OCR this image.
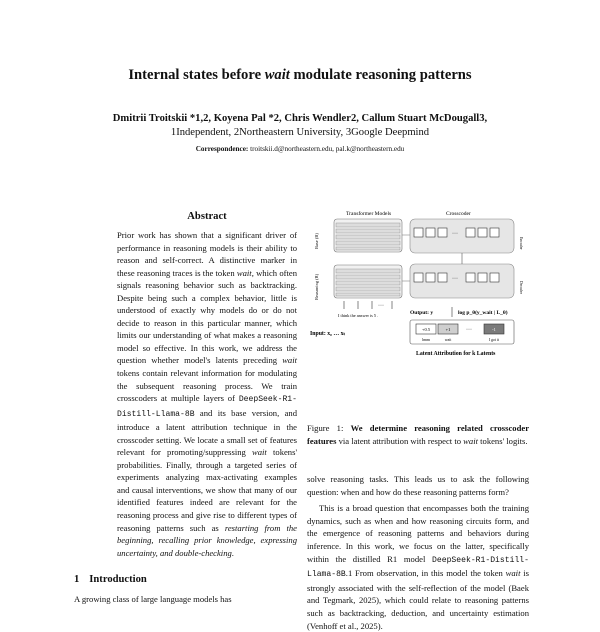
Internal states before wait modulate reasoning patterns
Dmitrii Troitskii *1,2, Koyena Pal *2, Chris Wendler2, Callum Stuart McDougall3,
1Independent, 2Northeastern University, 3Google Deepmind
Correspondence: troitskii.d@northeastern.edu, pal.k@northeastern.edu
Abstract
Prior work has shown that a significant driver of performance in reasoning models is their ability to reason and self-correct. A distinctive marker in these reasoning traces is the token wait, which often signals reasoning behavior such as backtracking. Despite being such a complex behavior, little is understood of exactly why models do or do not decide to reason in this particular manner, which limits our understanding of what makes a reasoning model so effective. In this work, we address the question whether model's latents preceding wait tokens contain relevant information for modulating the subsequent reasoning process. We train crosscoders at multiple layers of DeepSeek-R1-Distill-Llama-8B and its base version, and introduce a latent attribution technique in the crosscoder setting. We locate a small set of features relevant for promoting/suppressing wait tokens' probabilities. Finally, through a targeted series of experiments analyzing max-activating examples and causal interventions, we show that many of our identified features indeed are relevant for the reasoning process and give rise to different types of reasoning patterns such as restarting from the beginning, recalling prior knowledge, expressing uncertainty, and double-checking.
1 Introduction
A growing class of large language models has
Transformer Models	Crosscoder
Base (B)
Reasoning (R)
···
···
Encoder
Decoder
Output: y	log p_θ(y_wait | L_θ)
+0.5	+1	···	-1
hmm	wait	I got it
Latent Attribution for k Latents
···
I think the answer is 5 .
Input: x₀ … xₜ
Figure 1: We determine reasoning related crosscoder features via latent attribution with respect to wait tokens' logits.

solve reasoning tasks. This leads us to ask the following question: when and how do these reasoning patterns form?

This is a broad question that encompasses both the training dynamics, such as when and how reasoning circuits form, and the emergence of reasoning patterns and behaviors during inference. In this work, we focus on the latter, specifically within the distilled R1 model DeepSeek-R1-Distill-Llama-8B.1 From observation, in this model the token wait is strongly associated with the self-reflection of the model (Baek and Tegmark, 2025), which could relate to reasoning patterns such as backtracking, deduction, and uncertainty estimation (Venhoff et al., 2025).
